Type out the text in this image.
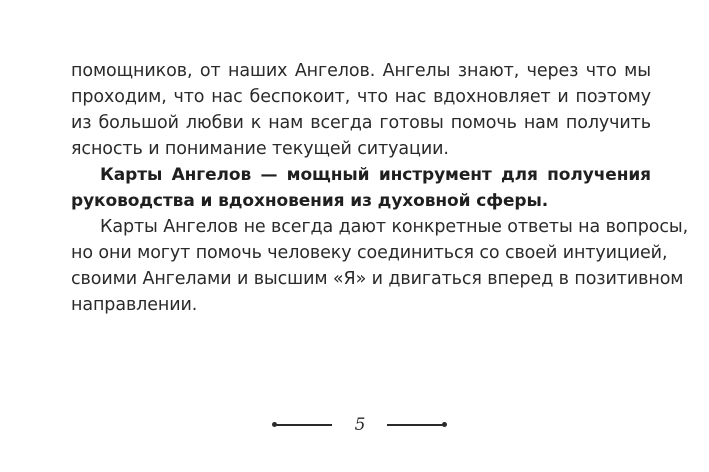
помощников, от наших Ангелов. Ангелы знают, через что мы
проходим, что нас беспокоит, что нас вдохновляет и поэтому
из большой любви к нам всегда готовы помочь нам получить
ясность и понимание текущей ситуации.
Карты Ангелов — мощный инструмент для получения
руководства и вдохновения из духовной сферы.
Карты Ангелов не всегда дают конкретные ответы на вопросы,
но они могут помочь человеку соединиться со своей интуицией,
своими Ангелами и высшим «Я» и двигаться вперед в позитивном
направлении.
5
